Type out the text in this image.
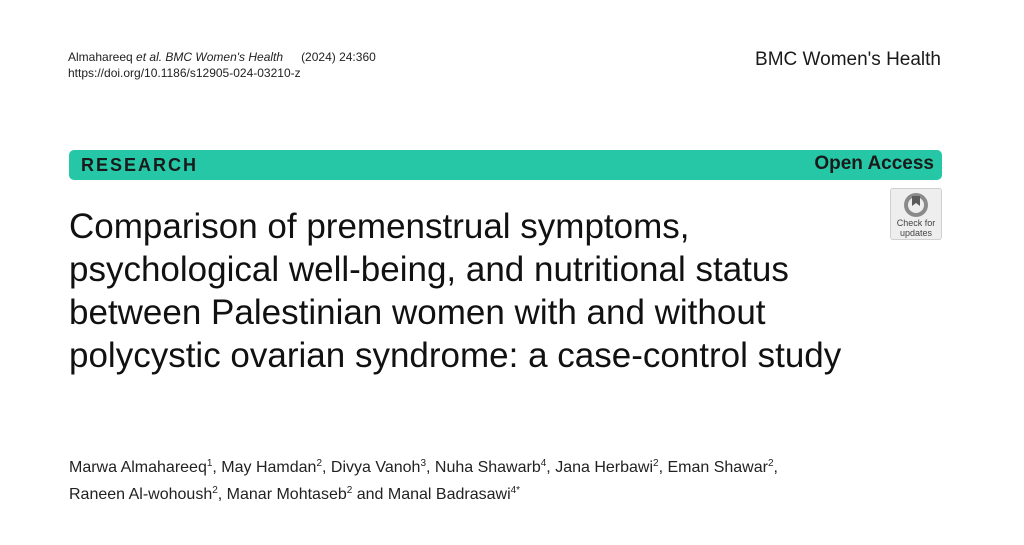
Almahareeq et al. BMC Women's Health (2024) 24:360
https://doi.org/10.1186/s12905-024-03210-z
BMC Women's Health
RESEARCH	Open Access
Comparison of premenstrual symptoms, psychological well-being, and nutritional status between Palestinian women with and without polycystic ovarian syndrome: a case-control study
Check for
updates
Marwa Almahareeq$^1$, May Hamdan$^2$, Divya Vanoh$^3$, Nuha Shawarb$^4$, Jana Herbawi$^2$, Eman Shawar$^2$,
Raneen Al-wohoush$^2$, Manar Mohtaseb$^2$ and Manal Badrasawi$^{4*}$
